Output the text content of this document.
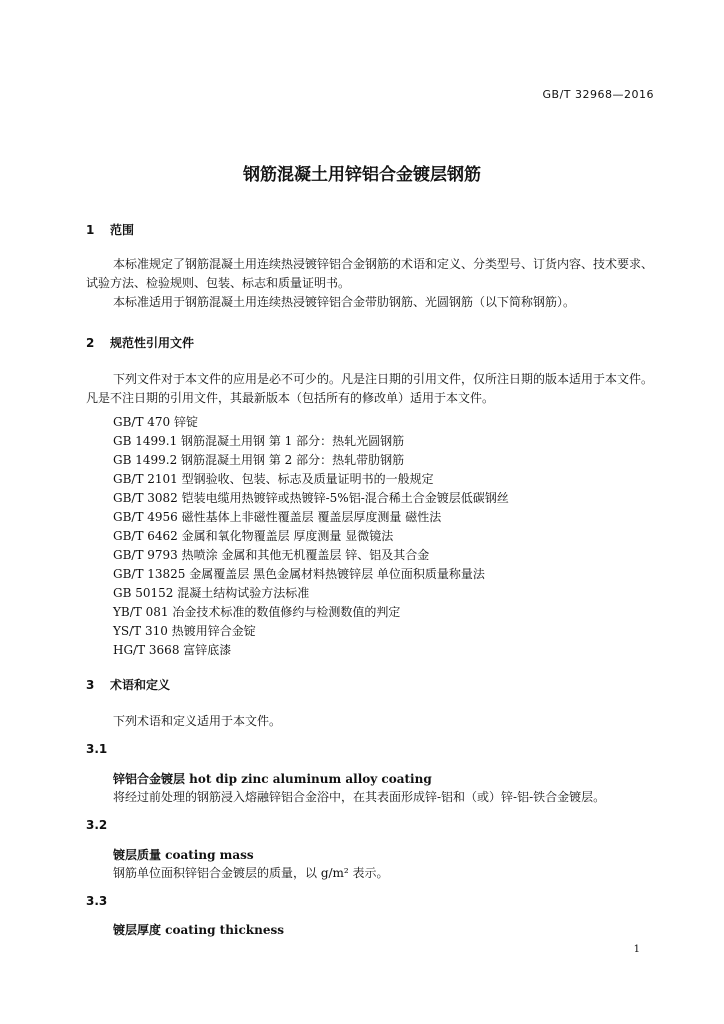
GB/T 32968—2016
钢筋混凝土用锌铝合金镀层钢筋
1 范围
本标准规定了钢筋混凝土用连续热浸镀锌铝合金钢筋的术语和定义、分类型号、订货内容、技术要求、试验方法、检验规则、包装、标志和质量证明书。
本标准适用于钢筋混凝土用连续热浸镀锌铝合金带肋钢筋、光圆钢筋（以下简称钢筋）。
2 规范性引用文件
下列文件对于本文件的应用是必不可少的。凡是注日期的引用文件，仅所注日期的版本适用于本文件。凡是不注日期的引用文件，其最新版本（包括所有的修改单）适用于本文件。
GB/T 470 锌锭
GB 1499.1 钢筋混凝土用钢 第 1 部分：热轧光圆钢筋
GB 1499.2 钢筋混凝土用钢 第 2 部分：热轧带肋钢筋
GB/T 2101 型钢验收、包装、标志及质量证明书的一般规定
GB/T 3082 铠装电缆用热镀锌或热镀锌-5%铝-混合稀土合金镀层低碳钢丝
GB/T 4956 磁性基体上非磁性覆盖层 覆盖层厚度测量 磁性法
GB/T 6462 金属和氧化物覆盖层 厚度测量 显微镜法
GB/T 9793 热喷涂 金属和其他无机覆盖层 锌、铝及其合金
GB/T 13825 金属覆盖层 黑色金属材料热镀锌层 单位面积质量称量法
GB 50152 混凝土结构试验方法标准
YB/T 081 冶金技术标准的数值修约与检测数值的判定
YS/T 310 热镀用锌合金锭
HG/T 3668 富锌底漆
3 术语和定义
下列术语和定义适用于本文件。
3.1
锌铝合金镀层 hot dip zinc aluminum alloy coating
将经过前处理的钢筋浸入熔融锌铝合金浴中，在其表面形成锌-铝和（或）锌-铝-铁合金镀层。
3.2
镀层质量 coating mass
钢筋单位面积锌铝合金镀层的质量，以 g/m² 表示。
3.3
镀层厚度 coating thickness
1
